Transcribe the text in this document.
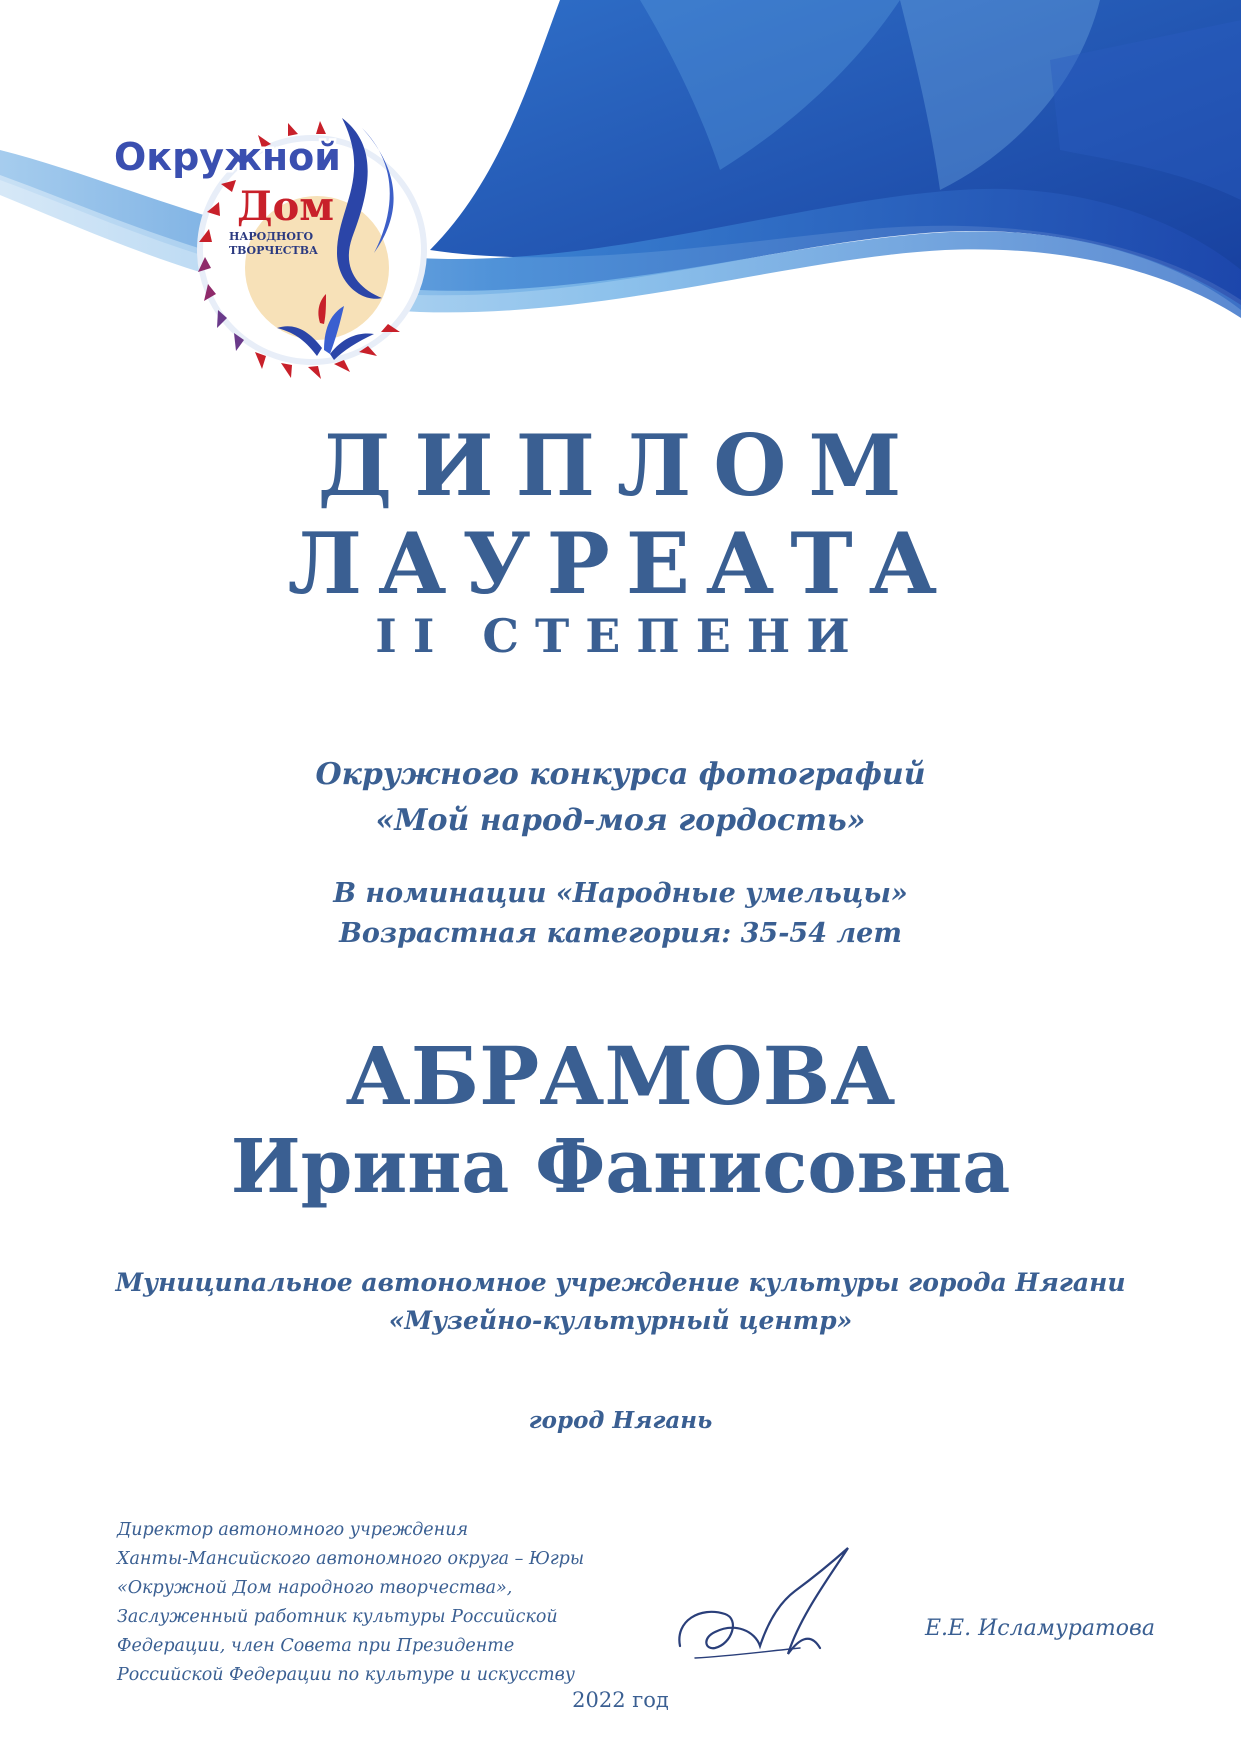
Окружной
Дом
НАРОДНОГО
ТВОРЧЕСТВА
ДИПЛОМ
ЛАУРЕАТА
II СТЕПЕНИ
Окружного конкурса фотографий
«Мой народ-моя гордость»
В номинации «Народные умельцы»
Возрастная категория: 35-54 лет
АБРАМОВА
Ирина Фанисовна
Муниципальное автономное учреждение культуры города Нягани
«Музейно-культурный центр»
город Нягань
Директор автономного учреждения
Ханты-Мансийского автономного округа – Югры
«Окружной Дом народного творчества»,
Заслуженный работник культуры Российской
Федерации, член Совета при Президенте
Российской Федерации по культуре и искусству
Е.Е. Исламуратова
2022 год
